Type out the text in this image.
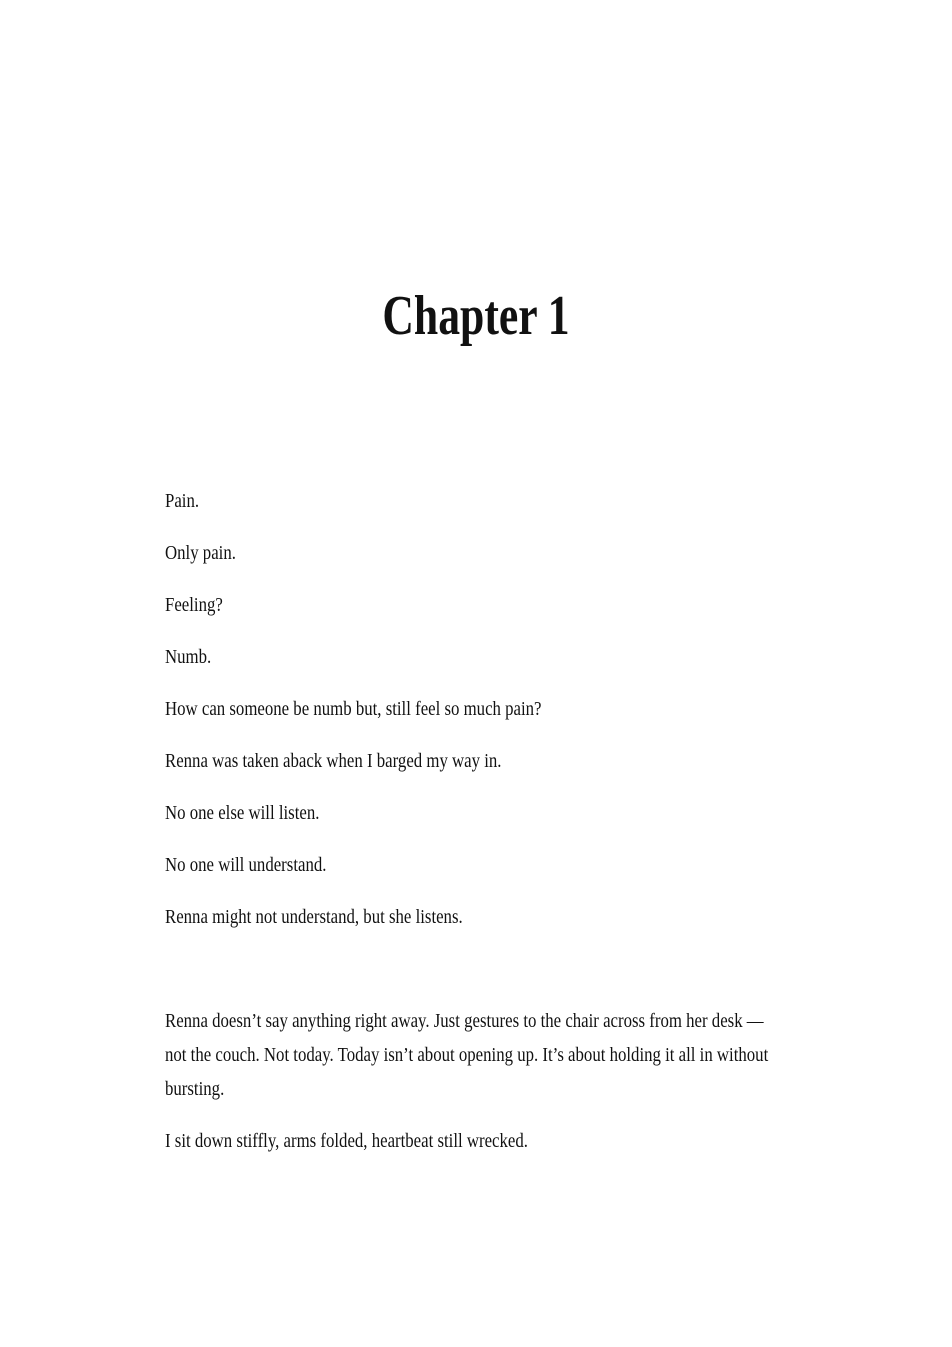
Chapter 1

Pain.

Only pain.

Feeling?

Numb.

How can someone be numb but, still feel so much pain?

Renna was taken aback when I barged my way in.

No one else will listen.

No one will understand.

Renna might not understand, but she listens.

Renna doesn’t say anything right away. Just gestures to the chair across from her desk — not the couch. Not today. Today isn’t about opening up. It’s about holding it all in without bursting.

I sit down stiffly, arms folded, heartbeat still wrecked.
